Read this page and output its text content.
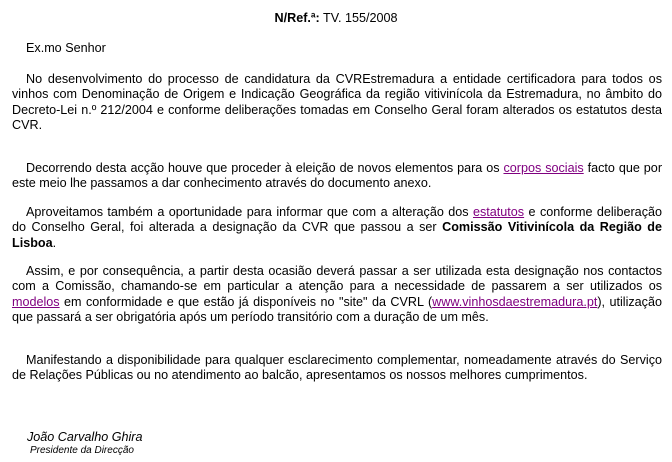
N/Ref.ª: TV. 155/2008
Ex.mo Senhor
No desenvolvimento do processo de candidatura da CVREstremadura a entidade certificadora para todos os vinhos com Denominação de Origem e Indicação Geográfica da região vitivinícola da Estremadura, no âmbito do Decreto-Lei n.º 212/2004 e conforme deliberações tomadas em Conselho Geral foram alterados os estatutos desta CVR.
Decorrendo desta acção houve que proceder à eleição de novos elementos para os corpos sociais facto que por este meio lhe passamos a dar conhecimento através do documento anexo.
Aproveitamos também a oportunidade para informar que com a alteração dos estatutos e conforme deliberação do Conselho Geral, foi alterada a designação da CVR que passou a ser Comissão Vitivinícola da Região de Lisboa.
Assim, e por consequência, a partir desta ocasião deverá passar a ser utilizada esta designação nos contactos com a Comissão, chamando-se em particular a atenção para a necessidade de passarem a ser utilizados os modelos em conformidade e que estão já disponíveis no "site" da CVRL (www.vinhosdaestremadura.pt), utilização que passará a ser obrigatória após um período transitório com a duração de um mês.
Manifestando a disponibilidade para qualquer esclarecimento complementar, nomeadamente através do Serviço de Relações Públicas ou no atendimento ao balcão, apresentamos os nossos melhores cumprimentos.
João Carvalho Ghira
Presidente da Direcção
